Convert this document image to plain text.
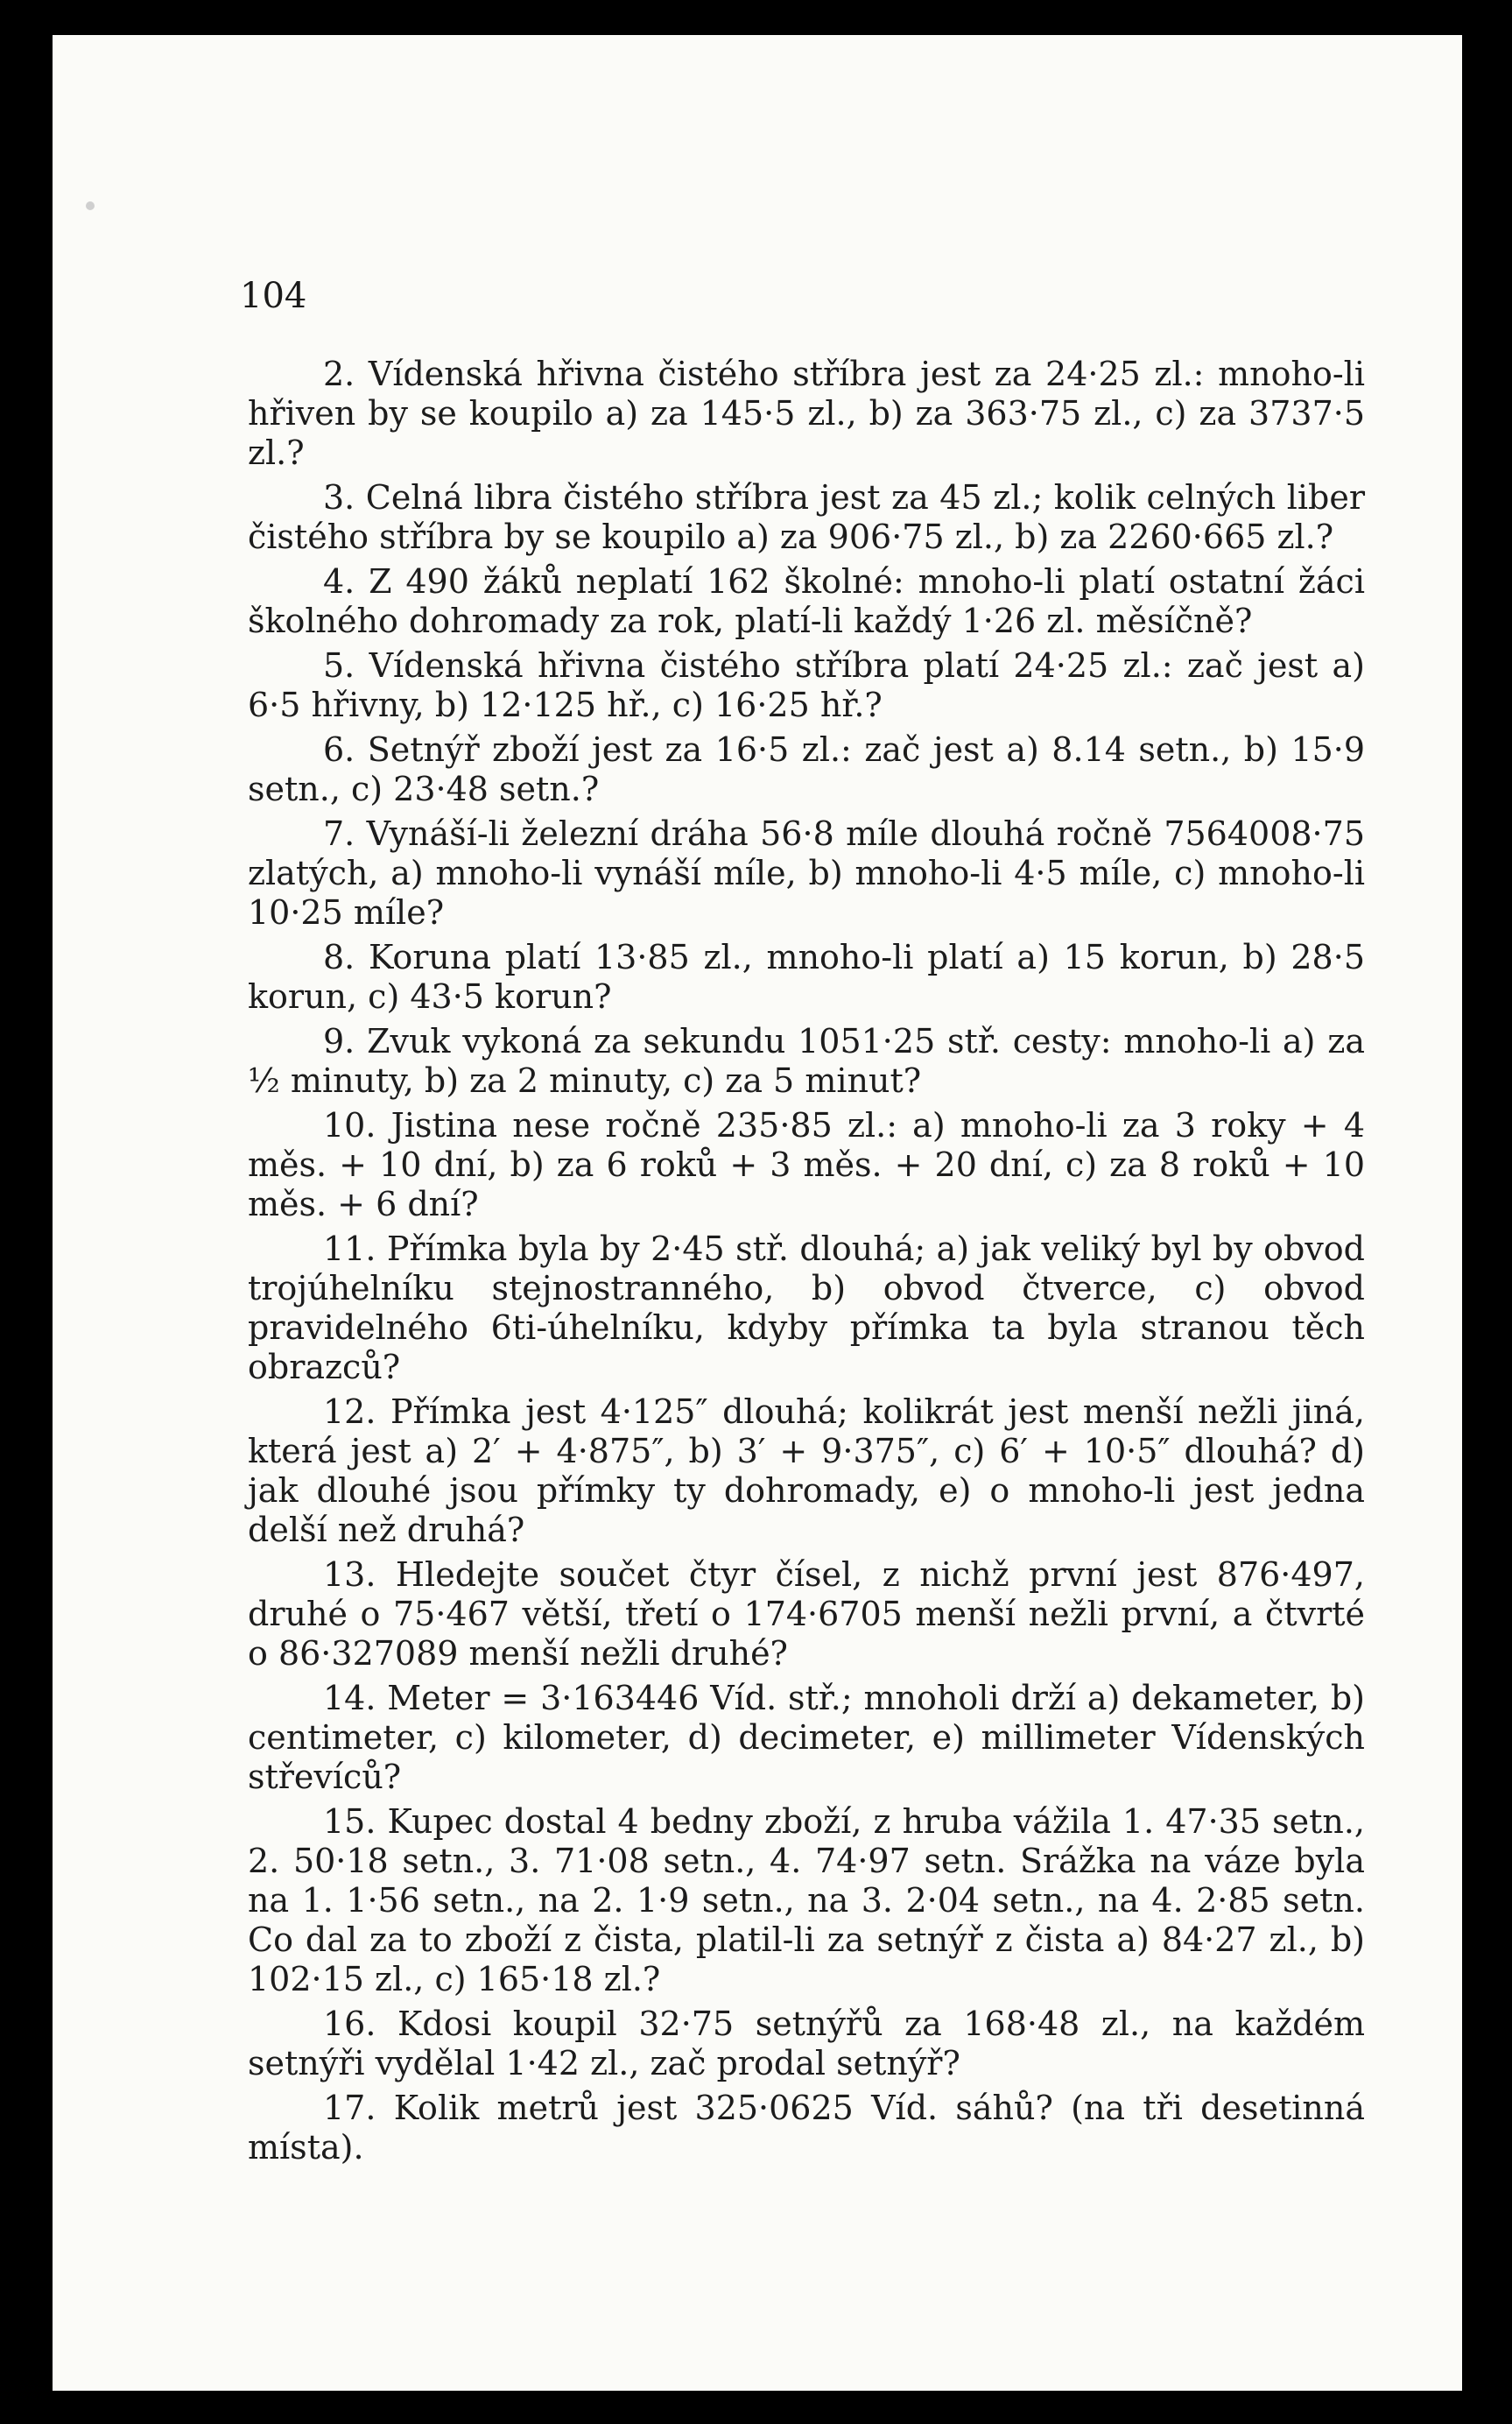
104

2. Vídenská hřivna čistého stříbra jest za 24·25 zl.: mnoho-li hřiven by se koupilo a) za 145·5 zl., b) za 363·75 zl., c) za 3737·5 zl.?

3. Celná libra čistého stříbra jest za 45 zl.; kolik celných liber čistého stříbra by se koupilo a) za 906·75 zl., b) za 2260·665 zl.?

4. Z 490 žáků neplatí 162 školné: mnoho-li platí ostatní žáci školného dohromady za rok, platí-li každý 1·26 zl. měsíčně?

5. Vídenská hřivna čistého stříbra platí 24·25 zl.: zač jest a) 6·5 hřivny, b) 12·125 hř., c) 16·25 hř.?

6. Setnýř zboží jest za 16·5 zl.: zač jest a) 8.14 setn., b) 15·9 setn., c) 23·48 setn.?

7. Vynáší-li železní dráha 56·8 míle dlouhá ročně 7564008·75 zlatých, a) mnoho-li vynáší míle, b) mnoho-li 4·5 míle, c) mnoho-li 10·25 míle?

8. Koruna platí 13·85 zl., mnoho-li platí a) 15 korun, b) 28·5 korun, c) 43·5 korun?

9. Zvuk vykoná za sekundu 1051·25 stř. cesty: mnoho-li a) za ½ minuty, b) za 2 minuty, c) za 5 minut?

10. Jistina nese ročně 235·85 zl.: a) mnoho-li za 3 roky + 4 měs. + 10 dní, b) za 6 roků + 3 měs. + 20 dní, c) za 8 roků + 10 měs. + 6 dní?

11. Přímka byla by 2·45 stř. dlouhá; a) jak veliký byl by obvod trojúhelníku stejnostranného, b) obvod čtverce, c) obvod pravidelného 6ti-úhelníku, kdyby přímka ta byla stranou těch obrazců?

12. Přímka jest 4·125″ dlouhá; kolikrát jest menší nežli jiná, která jest a) 2′ + 4·875″, b) 3′ + 9·375″, c) 6′ + 10·5″ dlouhá? d) jak dlouhé jsou přímky ty dohromady, e) o mnoho-li jest jedna delší než druhá?

13. Hledejte součet čtyr čísel, z nichž první jest 876·497, druhé o 75·467 větší, třetí o 174·6705 menší nežli první, a čtvrté o 86·327089 menší nežli druhé?

14. Meter = 3·163446 Víd. stř.; mnoholi drží a) dekameter, b) centimeter, c) kilometer, d) decimeter, e) millimeter Vídenských střevíců?

15. Kupec dostal 4 bedny zboží, z hruba vážila 1. 47·35 setn., 2. 50·18 setn., 3. 71·08 setn., 4. 74·97 setn. Srážka na váze byla na 1. 1·56 setn., na 2. 1·9 setn., na 3. 2·04 setn., na 4. 2·85 setn. Co dal za to zboží z čista, platil-li za setnýř z čista a) 84·27 zl., b) 102·15 zl., c) 165·18 zl.?

16. Kdosi koupil 32·75 setnýřů za 168·48 zl., na každém setnýři vydělal 1·42 zl., zač prodal setnýř?

17. Kolik metrů jest 325·0625 Víd. sáhů? (na tři desetinná místa).
